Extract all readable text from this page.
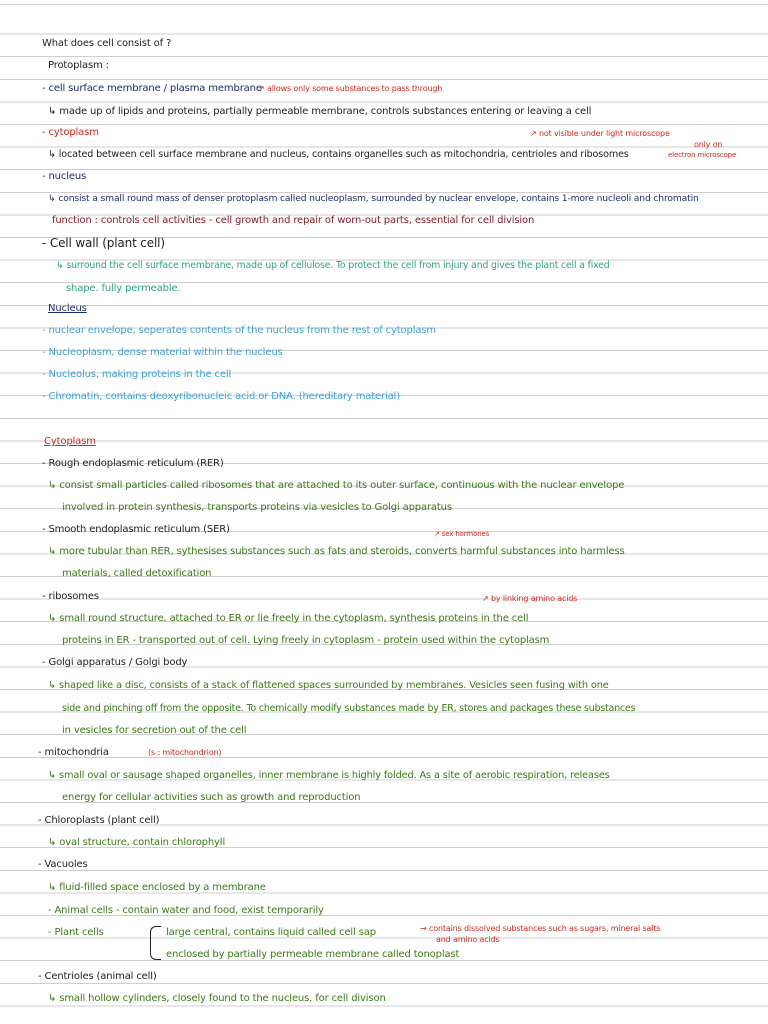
What does cell consist of ?
Protoplasm :
- cell surface membrane / plasma membrane
↗ allows only some substances to pass through
↳ made up of lipids and proteins, partially permeable membrane, controls substances entering or leaving a cell
- cytoplasm	↗ not visible under light microscope
only on
electron microscope
↳ located between cell surface membrane and nucleus, contains organelles such as mitochondria, centrioles and ribosomes
- nucleus
↳ consist a small round mass of denser protoplasm called nucleoplasm, surrounded by nuclear envelope, contains 1-more nucleoli and chromatin
function : controls cell activities - cell growth and repair of worn-out parts, essential for cell division
- Cell wall (plant cell)
↳ surround the cell surface membrane, made up of cellulose. To protect the cell from injury and gives the plant cell a fixed
shape. fully permeable.
Nucleus
- nuclear envelope, seperates contents of the nucleus from the rest of cytoplasm
- Nucleoplasm, dense material within the nucleus
- Nucleolus, making proteins in the cell
- Chromatin, contains deoxyribonucleic acid or DNA. (hereditary material)
Cytoplasm
- Rough endoplasmic reticulum (RER)
↳ consist small particles called ribosomes that are attached to its outer surface, continuous with the nuclear envelope
involved in protein synthesis, transports proteins via vesicles to Golgi apparatus
- Smooth endoplasmic reticulum (SER)	↗ sex hormones
↳ more tubular than RER, sythesises substances such as fats and steroids, converts harmful substances into harmless
materials, called detoxification
- ribosomes	↗ by linking amino acids
↳ small round structure, attached to ER or lie freely in the cytoplasm, synthesis proteins in the cell
proteins in ER - transported out of cell. Lying freely in cytoplasm - protein used within the cytoplasm
- Golgi apparatus / Golgi body
↳ shaped like a disc, consists of a stack of flattened spaces surrounded by membranes. Vesicles seen fusing with one
side and pinching off from the opposite. To chemically modify substances made by ER, stores and packages these substances
in vesicles for secretion out of the cell
- mitochondria	(s : mitochondrion)
↳ small oval or sausage shaped organelles, inner membrane is highly folded. As a site of aerobic respiration, releases
energy for cellular activities such as growth and reproduction
- Chloroplasts (plant cell)
↳ oval structure, contain chlorophyll
- Vacuoles
↳ fluid-filled space enclosed by a membrane
- Animal cells - contain water and food, exist temporarily
- Plant cells	large central, contains liquid called cell sap	→ contains dissolved substances such as sugars, mineral salts
and amino acids
enclosed by partially permeable membrane called tonoplast
- Centrioles (animal cell)
↳ small hollow cylinders, closely found to the nucleus. for cell divison
